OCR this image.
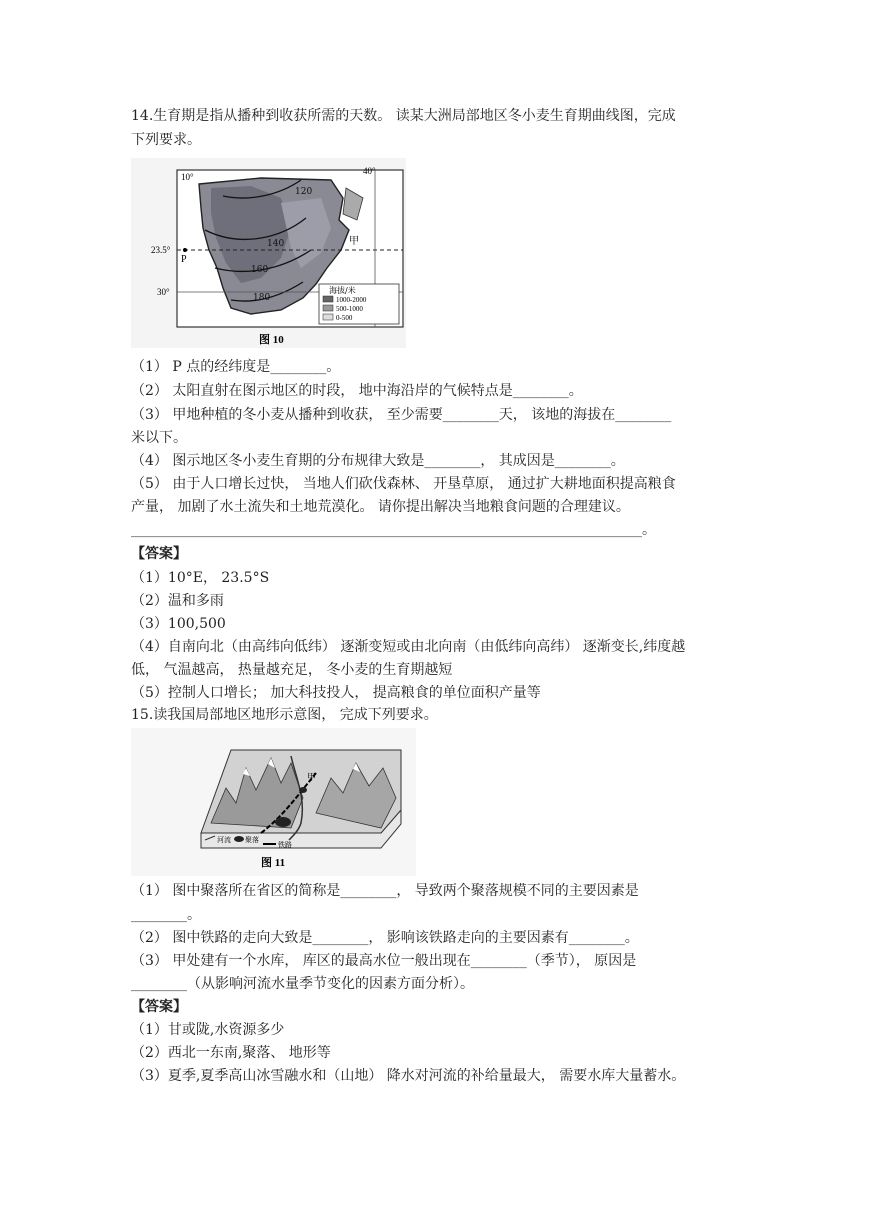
14.生育期是指从播种到收获所需的天数。 读某大洲局部地区冬小麦生育期曲线图，完成
下列要求。
10°
40°
23.5°
30°
P
甲
120
140
160
180
海拔/米
1000-2000
500-1000
0-500
图 10
（1） P 点的经纬度是________。
（2） 太阳直射在图示地区的时段， 地中海沿岸的气候特点是________。
（3） 甲地种植的冬小麦从播种到收获， 至少需要________天， 该地的海拔在________
米以下。
（4） 图示地区冬小麦生育期的分布规律大致是________， 其成因是________。
（5） 由于人口增长过快， 当地人们砍伐森林、 开垦草原， 通过扩大耕地面积提高粮食
产量， 加剧了水土流失和土地荒漠化。 请你提出解决当地粮食问题的合理建议。
_________________________________________________________________________。
【答案】
（1）10°E， 23.5°S
（2）温和多雨
（3）100,500
（4）自南向北（由高纬向低纬） 逐渐变短或由北向南（由低纬向高纬） 逐渐变长,纬度越
低， 气温越高， 热量越充足， 冬小麦的生育期越短
（5）控制人口增长； 加大科技投人， 提高粮食的单位面积产量等
15.读我国局部地区地形示意图， 完成下列要求。
甲
河流 聚落
铁路
图 11
（1） 图中聚落所在省区的简称是________， 导致两个聚落规模不同的主要因素是
________。
（2） 图中铁路的走向大致是________， 影响该铁路走向的主要因素有________。
（3） 甲处建有一个水库， 库区的最高水位一般出现在________（季节）， 原因是
________（从影响河流水量季节变化的因素方面分析）。
【答案】
（1）甘或陇,水资源多少
（2）西北一东南,聚落、 地形等
（3）夏季,夏季高山冰雪融水和（山地） 降水对河流的补给量最大， 需要水库大量蓄水。
